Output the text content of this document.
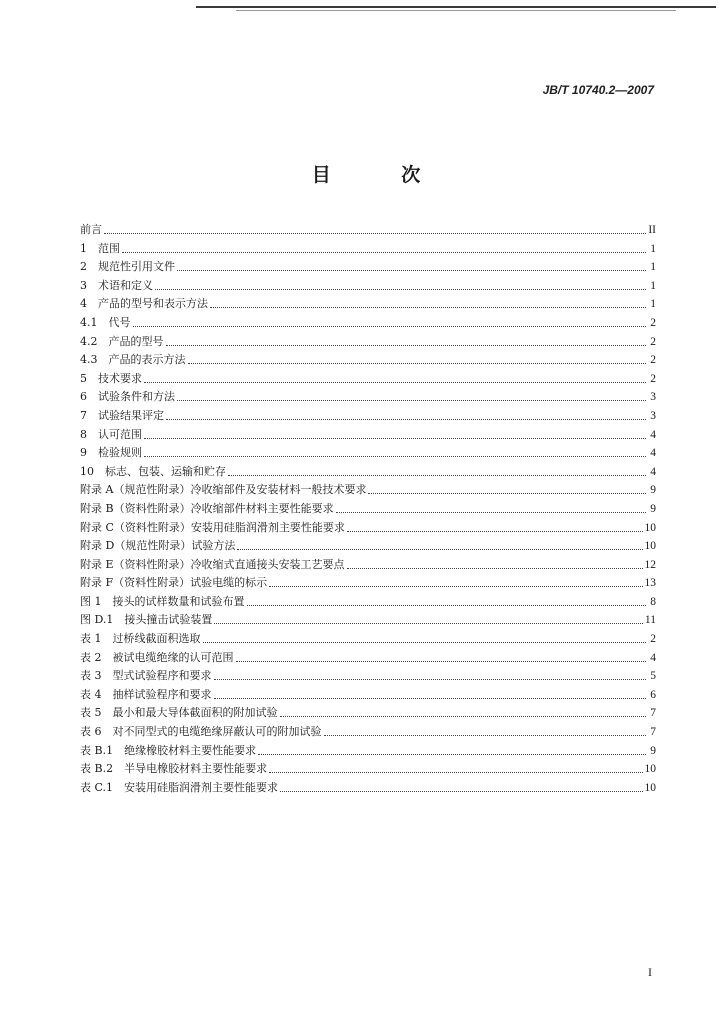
JB/T 10740.2—2007
目 次
前言	II
1　范围	1
2　规范性引用文件	1
3　术语和定义	1
4　产品的型号和表示方法	1
4.1　代号	2
4.2　产品的型号	2
4.3　产品的表示方法	2
5　技术要求	2
6　试验条件和方法	3
7　试验结果评定	3
8　认可范围	4
9　检验规则	4
10　标志、包装、运输和贮存	4
附录 A（规范性附录）冷收缩部件及安装材料一般技术要求	9
附录 B（资料性附录）冷收缩部件材料主要性能要求	9
附录 C（资料性附录）安装用硅脂润滑剂主要性能要求	10
附录 D（规范性附录）试验方法	10
附录 E（资料性附录）冷收缩式直通接头安装工艺要点	12
附录 F（资料性附录）试验电缆的标示	13
图 1　接头的试样数量和试验布置	8
图 D.1　接头撞击试验装置	11
表 1　过桥线截面积选取	2
表 2　被试电缆绝缘的认可范围	4
表 3　型式试验程序和要求	5
表 4　抽样试验程序和要求	6
表 5　最小和最大导体截面积的附加试验	7
表 6　对不同型式的电缆绝缘屏蔽认可的附加试验	7
表 B.1　绝缘橡胶材料主要性能要求	9
表 B.2　半导电橡胶材料主要性能要求	10
表 C.1　安装用硅脂润滑剂主要性能要求	10
I
